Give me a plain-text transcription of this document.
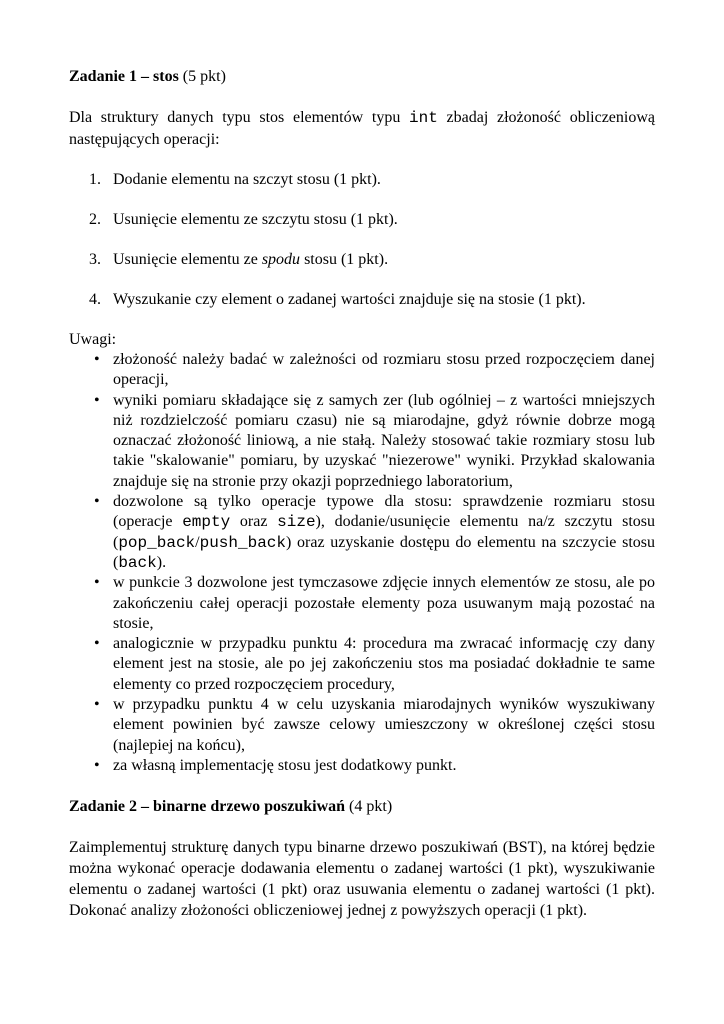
Zadanie 1 – stos (5 pkt)

Dla struktury danych typu stos elementów typu int zbadaj złożoność obliczeniową następujących operacji:

1. Dodanie elementu na szczyt stosu (1 pkt).
2. Usunięcie elementu ze szczytu stosu (1 pkt).
3. Usunięcie elementu ze spodu stosu (1 pkt).
4. Wyszukanie czy element o zadanej wartości znajduje się na stosie (1 pkt).

Uwagi:

• złożoność należy badać w zależności od rozmiaru stosu przed rozpoczęciem danej operacji,
• wyniki pomiaru składające się z samych zer (lub ogólniej – z wartości mniejszych niż rozdzielczość pomiaru czasu) nie są miarodajne, gdyż równie dobrze mogą oznaczać złożoność liniową, a nie stałą. Należy stosować takie rozmiary stosu lub takie "skalowanie" pomiaru, by uzyskać "niezerowe" wyniki. Przykład skalowania znajduje się na stronie przy okazji poprzedniego laboratorium,
• dozwolone są tylko operacje typowe dla stosu: sprawdzenie rozmiaru stosu (operacje empty oraz size), dodanie/usunięcie elementu na/z szczytu stosu (pop_back/push_back) oraz uzyskanie dostępu do elementu na szczycie stosu (back).
• w punkcie 3 dozwolone jest tymczasowe zdjęcie innych elementów ze stosu, ale po zakończeniu całej operacji pozostałe elementy poza usuwanym mają pozostać na stosie,
• analogicznie w przypadku punktu 4: procedura ma zwracać informację czy dany element jest na stosie, ale po jej zakończeniu stos ma posiadać dokładnie te same elementy co przed rozpoczęciem procedury,
• w przypadku punktu 4 w celu uzyskania miarodajnych wyników wyszukiwany element powinien być zawsze celowy umieszczony w określonej części stosu (najlepiej na końcu),
• za własną implementację stosu jest dodatkowy punkt.

Zadanie 2 – binarne drzewo poszukiwań (4 pkt)

Zaimplementuj strukturę danych typu binarne drzewo poszukiwań (BST), na której będzie można wykonać operacje dodawania elementu o zadanej wartości (1 pkt), wyszukiwanie elementu o zadanej wartości (1 pkt) oraz usuwania elementu o zadanej wartości (1 pkt). Dokonać analizy złożoności obliczeniowej jednej z powyższych operacji (1 pkt).
